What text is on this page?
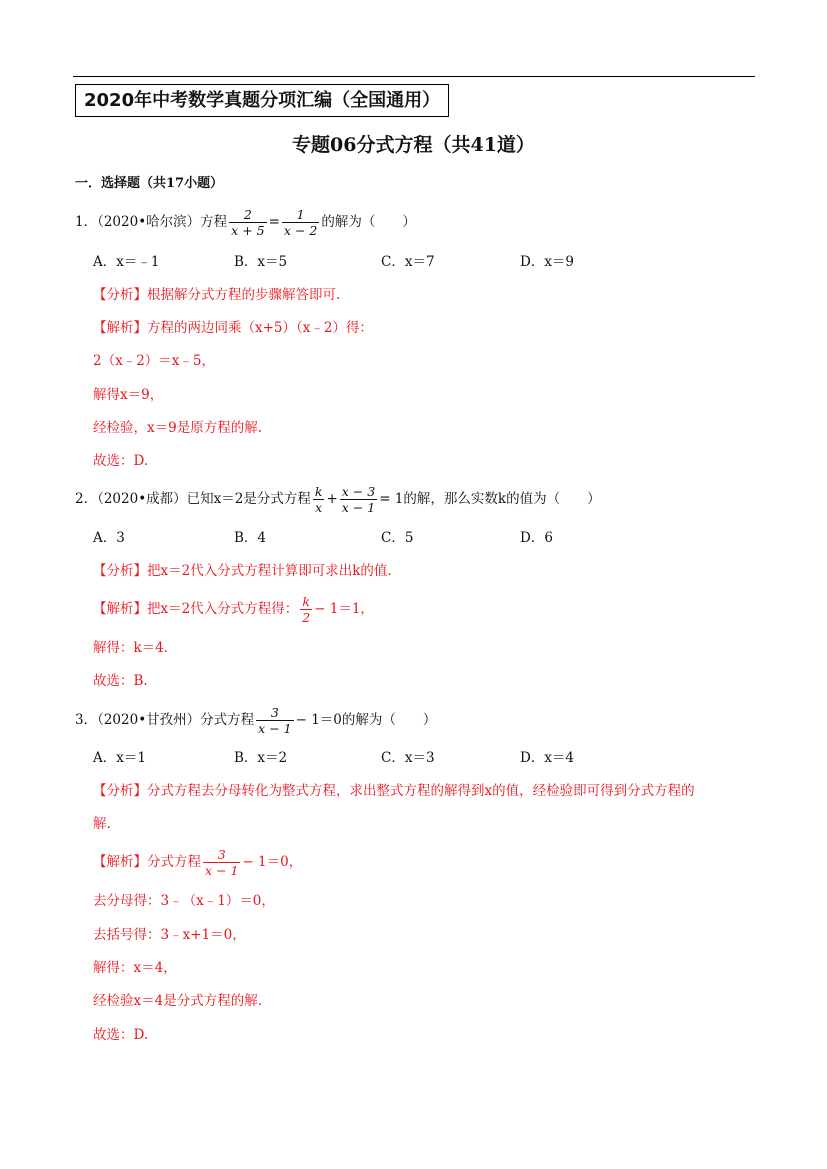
2020年中考数学真题分项汇编（全国通用）
专题06分式方程（共41道）
一．选择题（共17小题）
1．（2020•哈尔滨）方程 $\frac{2}{x + 5} = \frac{1}{x - 2}$ 的解为（　　）
A．x＝﹣1	B．x＝5	C．x＝7	D．x＝9
【分析】根据解分式方程的步骤解答即可.
【解析】方程的两边同乘（x+5）（x﹣2）得：
2（x﹣2）＝x﹣5，
解得x＝9，
经检验，x＝9是原方程的解.
故选：D.
2．（2020•成都）已知x＝2是分式方程 $\frac{k}{x} + \frac{x - 3}{x - 1} = 1$的解，那么实数k的值为（　　）
A．3	B．4	C．5	D．6
【分析】把x＝2代入分式方程计算即可求出k的值.
【解析】把x＝2代入分式方程得： $\frac{k}{2} - 1=1$，
解得：k＝4.
故选：B.
3．（2020•甘孜州）分式方程 $\frac{3}{x - 1} - 1=0$的解为（　　）
A．x＝1	B．x＝2	C．x＝3	D．x＝4
【分析】分式方程去分母转化为整式方程，求出整式方程的解得到x的值，经检验即可得到分式方程的
解.
【解析】分式方程 $\frac{3}{x - 1} - 1=0$，
去分母得：3﹣（x﹣1）＝0，
去括号得：3﹣x+1＝0，
解得：x＝4，
经检验x＝4是分式方程的解.
故选：D.
